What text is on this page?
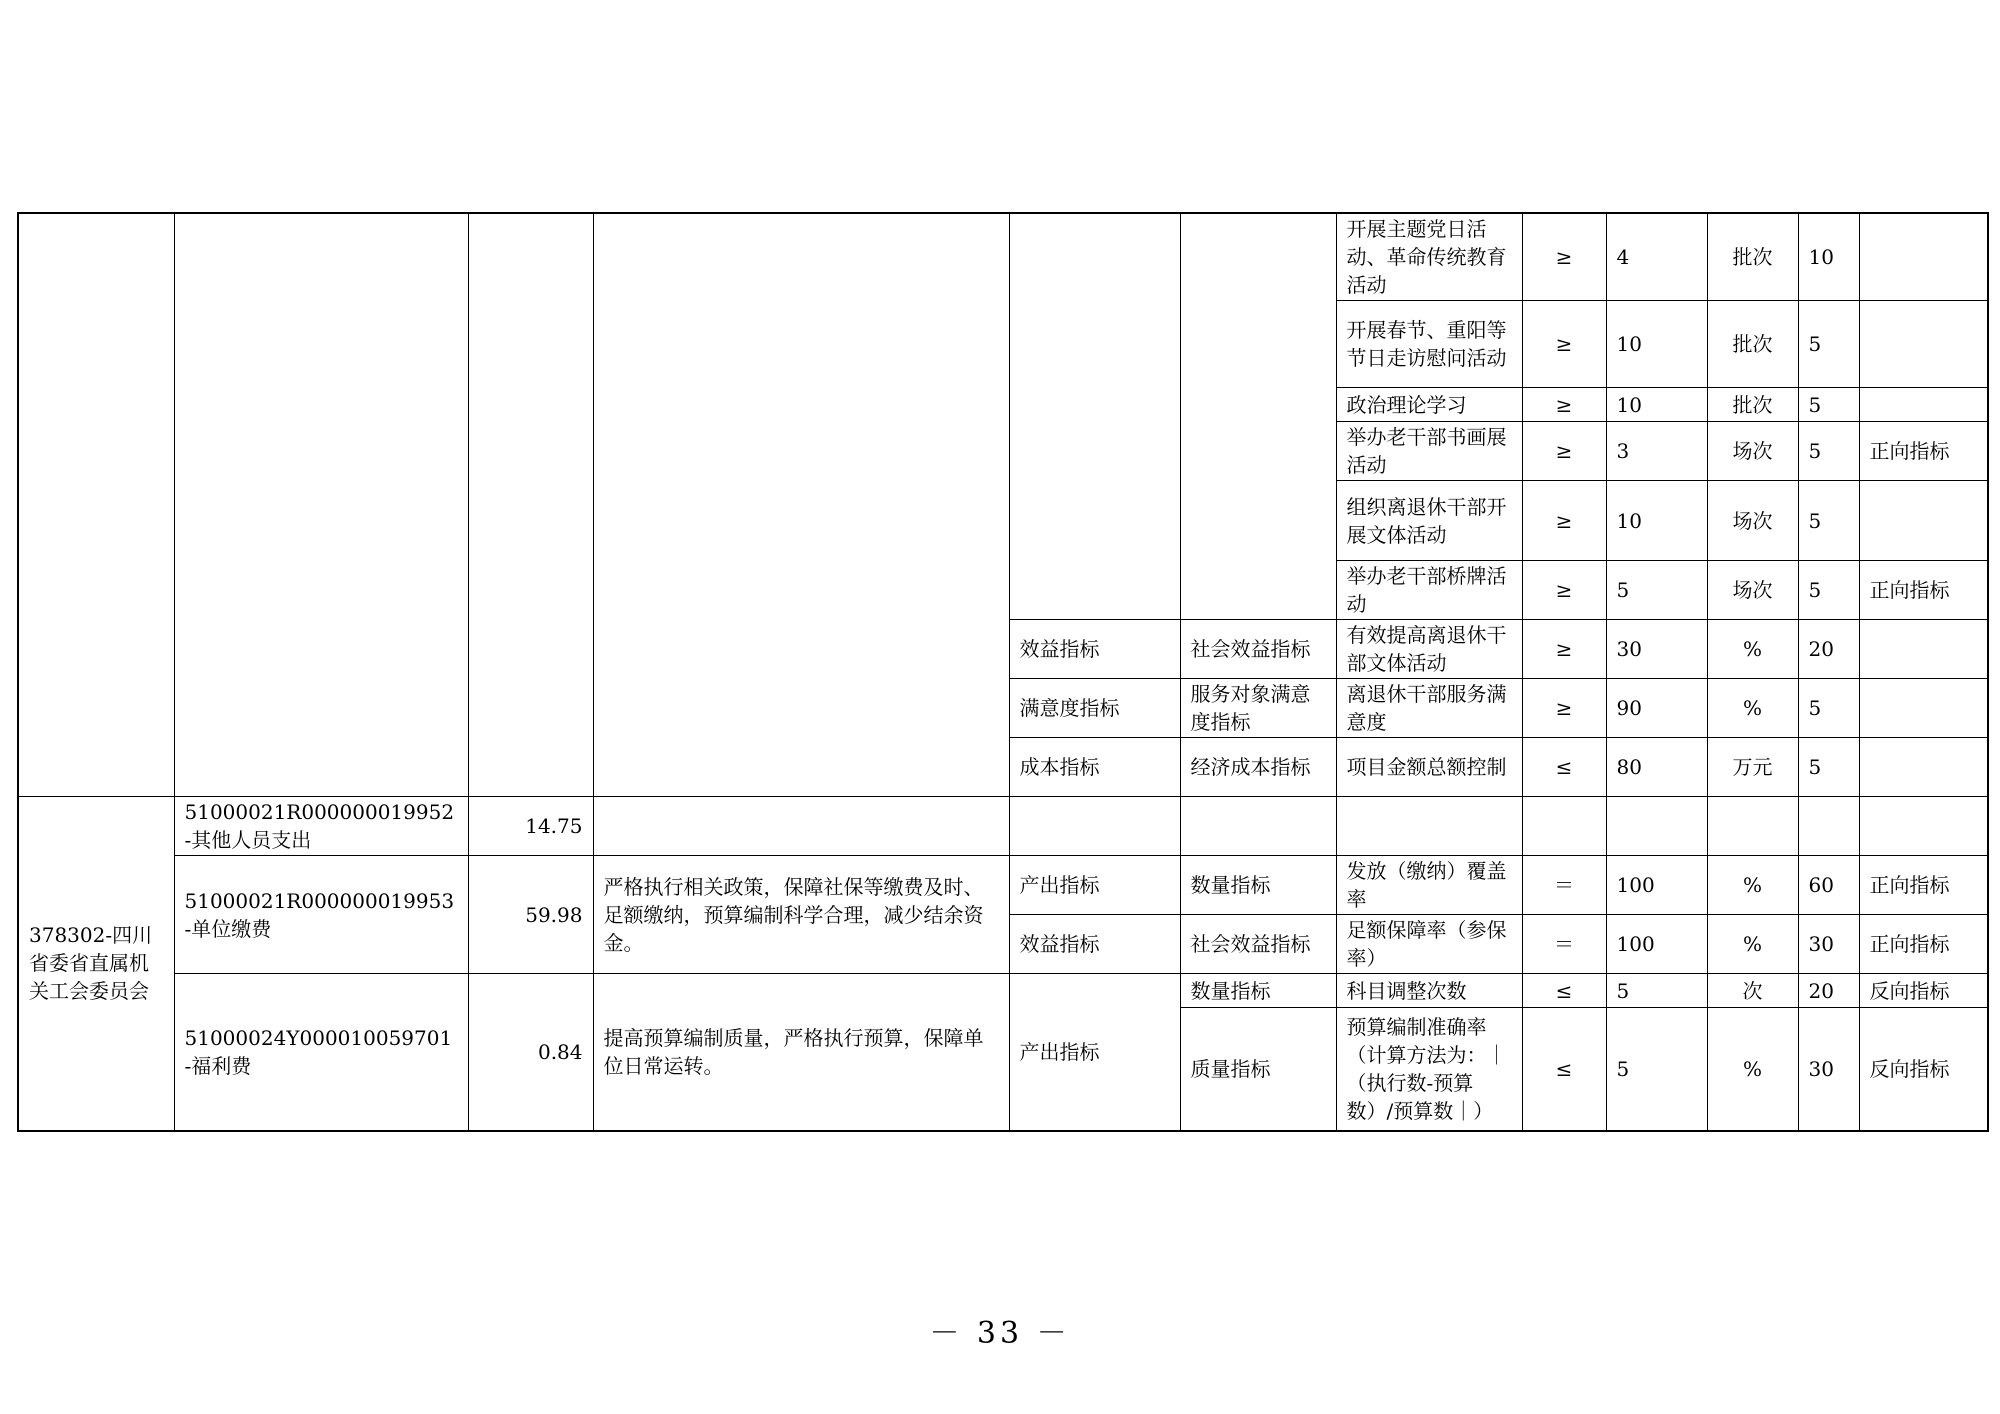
						开展主题党日活动、革命传统教育活动	≥	4	批次	10	
						开展春节、重阳等节日走访慰问活动	≥	10	批次	5	
						政治理论学习	≥	10	批次	5	
						举办老干部书画展活动	≥	3	场次	5	正向指标
						组织离退休干部开展文体活动	≥	10	场次	5	
						举办老干部桥牌活动	≥	5	场次	5	正向指标
				效益指标	社会效益指标	有效提高离退休干部文体活动	≥	30	%	20	
				满意度指标	服务对象满意度指标	离退休干部服务满意度	≥	90	%	5	
				成本指标	经济成本指标	项目金额总额控制	≤	80	万元	5	
378302-四川省委省直属机关工会委员会	51000021R000000019952-其他人员支出	14.75									
	51000021R000000019953-单位缴费	59.98	严格执行相关政策，保障社保等缴费及时、足额缴纳，预算编制科学合理，减少结余资金。	产出指标	数量指标	发放（缴纳）覆盖率	＝	100	%	60	正向指标
				效益指标	社会效益指标	足额保障率（参保率）	＝	100	%	30	正向指标
	51000024Y000010059701-福利费	0.84	提高预算编制质量，严格执行预算，保障单位日常运转。	产出指标	数量指标	科目调整次数	≤	5	次	20	反向指标
					质量指标	预算编制准确率（计算方法为：｜（执行数-预算数）/预算数｜）	≤	5	%	30	反向指标
－ 33 －
